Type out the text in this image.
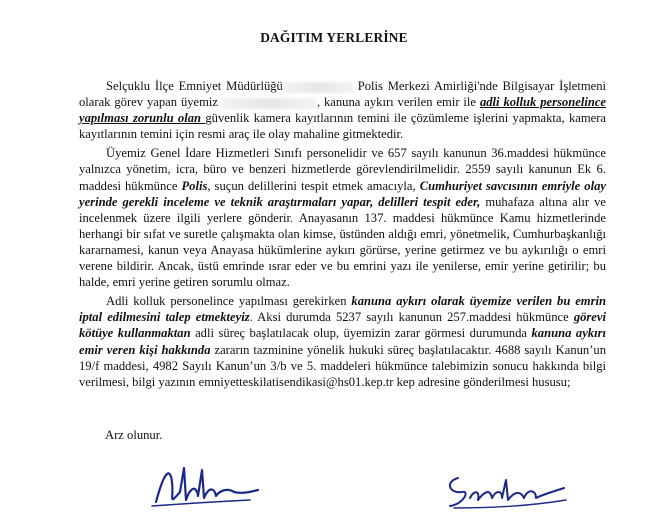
DAĞITIM YERLERİNE

Selçuklu İlçe Emniyet Müdürlüğü	Polis Merkezi Amirliği'nde Bilgisayar İşletmeni olarak görev yapan üyemiz	, kanuna aykırı verilen emir ile adli kolluk personelince yapılması zorunlu olan güvenlik kamera kayıtlarının temini ile çözümleme işlerini yapmakta, kamera kayıtlarının temini için resmi araç ile olay mahaline gitmektedir.

Üyemiz Genel İdare Hizmetleri Sınıfı personelidir ve 657 sayılı kanunun 36.maddesi hükmünce yalnızca yönetim, icra, büro ve benzeri hizmetlerde görevlendirilmelidir. 2559 sayılı kanunun Ek 6. maddesi hükmünce Polis, suçun delillerini tespit etmek amacıyla, Cumhuriyet savcısının emriyle olay yerinde gerekli inceleme ve teknik araştırmaları yapar, delilleri tespit eder, muhafaza altına alır ve incelenmek üzere ilgili yerlere gönderir. Anayasanın 137. maddesi hükmünce Kamu hizmetlerinde herhangi bir sıfat ve suretle çalışmakta olan kimse, üstünden aldığı emri, yönetmelik, Cumhurbaşkanlığı kararnamesi, kanun veya Anayasa hükümlerine aykırı görürse, yerine getirmez ve bu aykırılığı o emri verene bildirir. Ancak, üstü emrinde ısrar eder ve bu emrini yazı ile yenilerse, emir yerine getirilir; bu halde, emri yerine getiren sorumlu olmaz.

Adli kolluk personelince yapılması gerekirken kanuna aykırı olarak üyemize verilen bu emrin iptal edilmesini talep etmekteyiz. Aksi durumda 5237 sayılı kanunun 257.maddesi hükmünce görevi kötüye kullanmaktan adli süreç başlatılacak olup, üyemizin zarar görmesi durumunda kanuna aykırı emir veren kişi hakkında zararın tazminine yönelik hukuki süreç başlatılacaktır. 4688 sayılı Kanun’un 19/f maddesi, 4982 Sayılı Kanun’un 3/b ve 5. maddeleri hükmünce talebimizin sonucu hakkında bilgi verilmesi, bilgi yazının emniyetteskilatisendikasi@hs01.kep.tr kep adresine gönderilmesi hususu;

Arz olunur.
